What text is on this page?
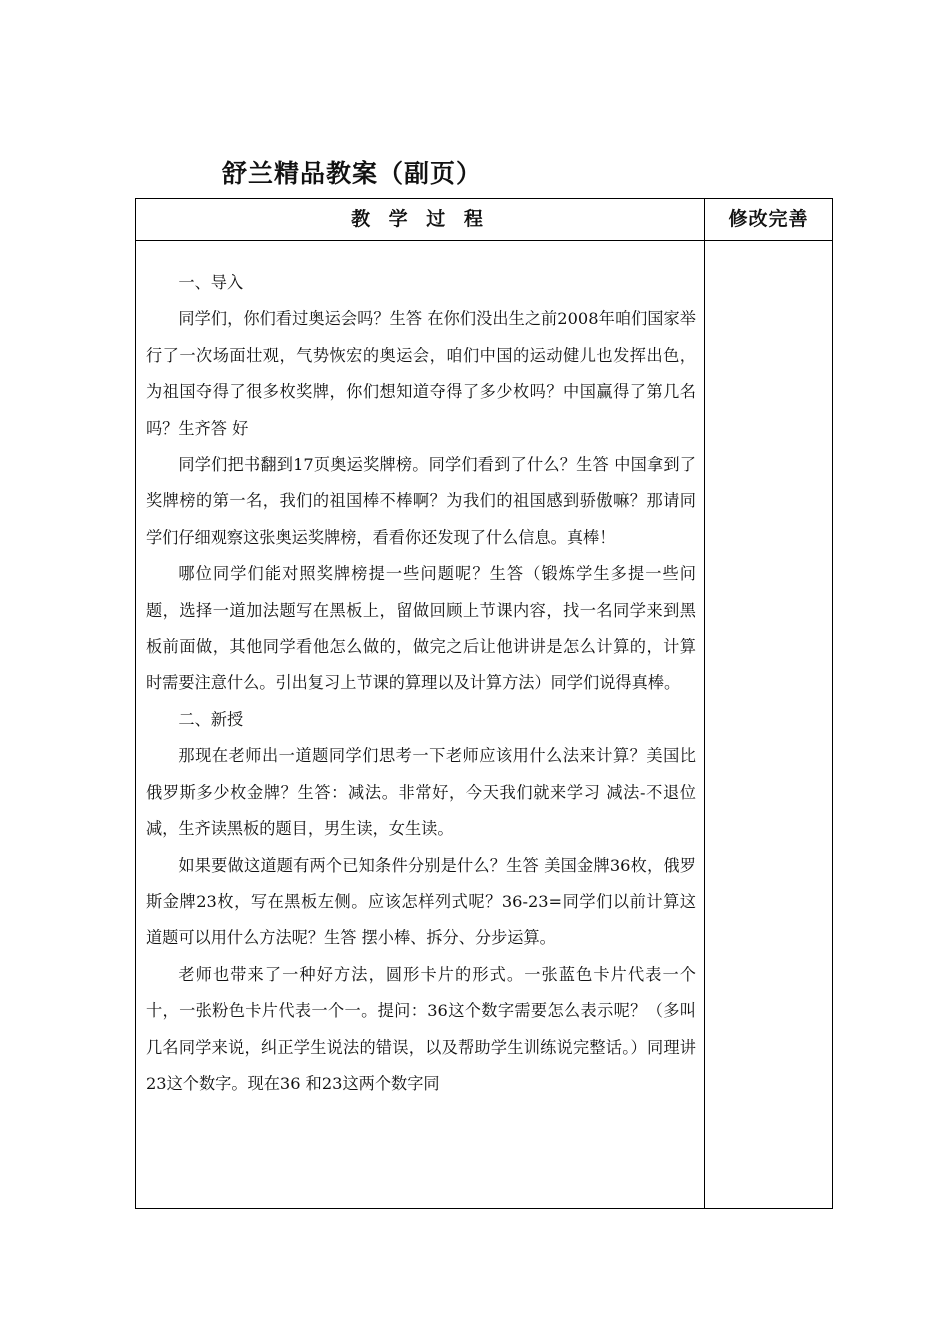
舒兰精品教案（副页）
教 学 过 程	修改完善

一、导入

同学们，你们看过奥运会吗？生答 在你们没出生之前2008年咱们国家举行了一次场面壮观，气势恢宏的奥运会，咱们中国的运动健儿也发挥出色，为祖国夺得了很多枚奖牌，你们想知道夺得了多少枚吗？中国赢得了第几名吗？生齐答 好

同学们把书翻到17页奥运奖牌榜。同学们看到了什么？生答 中国拿到了奖牌榜的第一名，我们的祖国棒不棒啊？为我们的祖国感到骄傲嘛？那请同学们仔细观察这张奥运奖牌榜，看看你还发现了什么信息。真棒！

哪位同学们能对照奖牌榜提一些问题呢？生答（锻炼学生多提一些问题，选择一道加法题写在黑板上，留做回顾上节课内容，找一名同学来到黑板前面做，其他同学看他怎么做的，做完之后让他讲讲是怎么计算的，计算时需要注意什么。引出复习上节课的算理以及计算方法）同学们说得真棒。

二、新授

那现在老师出一道题同学们思考一下老师应该用什么法来计算？美国比俄罗斯多少枚金牌？生答：减法。非常好，今天我们就来学习 减法-不退位减，生齐读黑板的题目，男生读，女生读。

如果要做这道题有两个已知条件分别是什么？生答 美国金牌36枚，俄罗斯金牌23枚，写在黑板左侧。应该怎样列式呢？36-23=同学们以前计算这道题可以用什么方法呢？生答 摆小棒、拆分、分步运算。

老师也带来了一种好方法，圆形卡片的形式。一张蓝色卡片代表一个十，一张粉色卡片代表一个一。提问：36这个数字需要怎么表示呢？（多叫几名同学来说，纠正学生说法的错误，以及帮助学生训练说完整话。）同理讲23这个数字。现在36 和23这两个数字同
